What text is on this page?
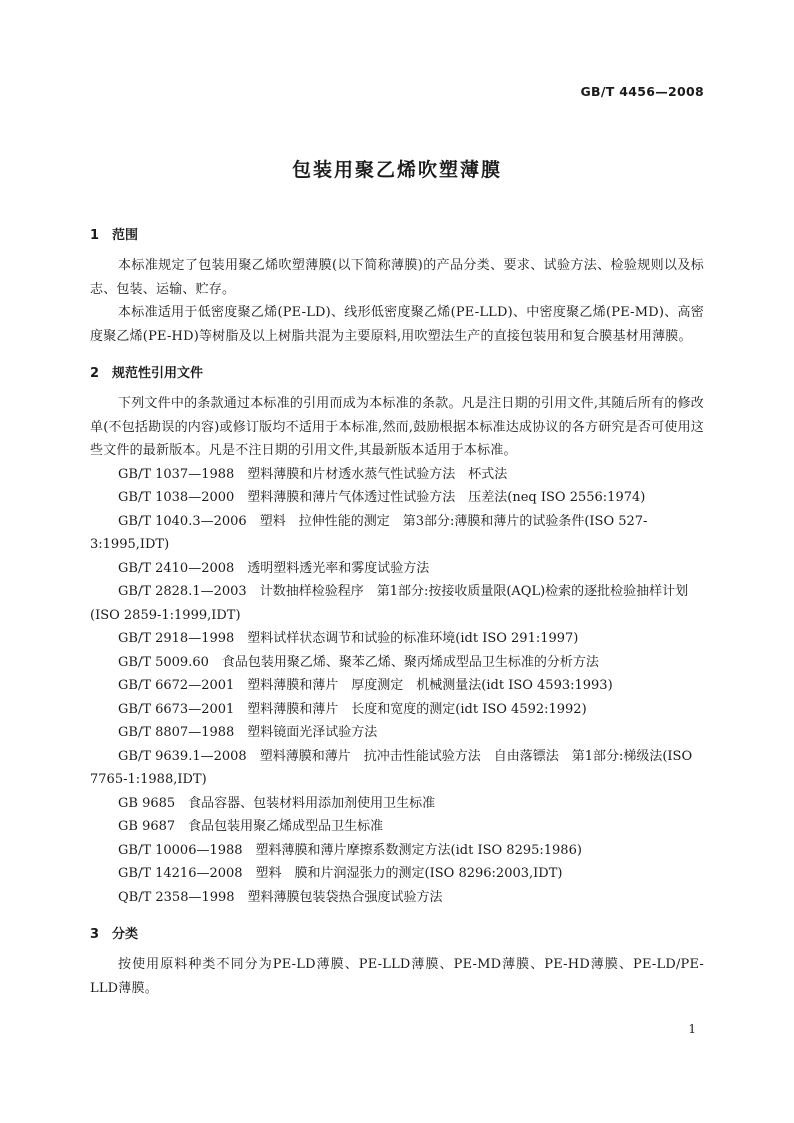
GB/T 4456—2008
包装用聚乙烯吹塑薄膜

1 范围

本标准规定了包装用聚乙烯吹塑薄膜(以下简称薄膜)的产品分类、要求、试验方法、检验规则以及标志、包装、运输、贮存。

本标准适用于低密度聚乙烯(PE-LD)、线形低密度聚乙烯(PE-LLD)、中密度聚乙烯(PE-MD)、高密度聚乙烯(PE-HD)等树脂及以上树脂共混为主要原料,用吹塑法生产的直接包装用和复合膜基材用薄膜。

2 规范性引用文件

下列文件中的条款通过本标准的引用而成为本标准的条款。凡是注日期的引用文件,其随后所有的修改单(不包括勘误的内容)或修订版均不适用于本标准,然而,鼓励根据本标准达成协议的各方研究是否可使用这些文件的最新版本。凡是不注日期的引用文件,其最新版本适用于本标准。

GB/T 1037—1988　塑料薄膜和片材透水蒸气性试验方法　杯式法

GB/T 1038—2000　塑料薄膜和薄片气体透过性试验方法　压差法(neq ISO 2556:1974)

GB/T 1040.3—2006　塑料　拉伸性能的测定　第3部分:薄膜和薄片的试验条件(ISO 527-3:1995,IDT)

GB/T 2410—2008　透明塑料透光率和雾度试验方法

GB/T 2828.1—2003　计数抽样检验程序　第1部分:按接收质量限(AQL)检索的逐批检验抽样计划(ISO 2859-1:1999,IDT)

GB/T 2918—1998　塑料试样状态调节和试验的标准环境(idt ISO 291:1997)

GB/T 5009.60　食品包装用聚乙烯、聚苯乙烯、聚丙烯成型品卫生标准的分析方法

GB/T 6672—2001　塑料薄膜和薄片　厚度测定　机械测量法(idt ISO 4593:1993)

GB/T 6673—2001　塑料薄膜和薄片　长度和宽度的测定(idt ISO 4592:1992)

GB/T 8807—1988　塑料镜面光泽试验方法

GB/T 9639.1—2008　塑料薄膜和薄片　抗冲击性能试验方法　自由落镖法　第1部分:梯级法(ISO 7765-1:1988,IDT)

GB 9685　食品容器、包装材料用添加剂使用卫生标准

GB 9687　食品包装用聚乙烯成型品卫生标准

GB/T 10006—1988　塑料薄膜和薄片摩擦系数测定方法(idt ISO 8295:1986)

GB/T 14216—2008　塑料　膜和片润湿张力的测定(ISO 8296:2003,IDT)

QB/T 2358—1998　塑料薄膜包装袋热合强度试验方法

3 分类

按使用原料种类不同分为PE-LD薄膜、PE-LLD薄膜、PE-MD薄膜、PE-HD薄膜、PE-LD/PE-LLD薄膜。

1
